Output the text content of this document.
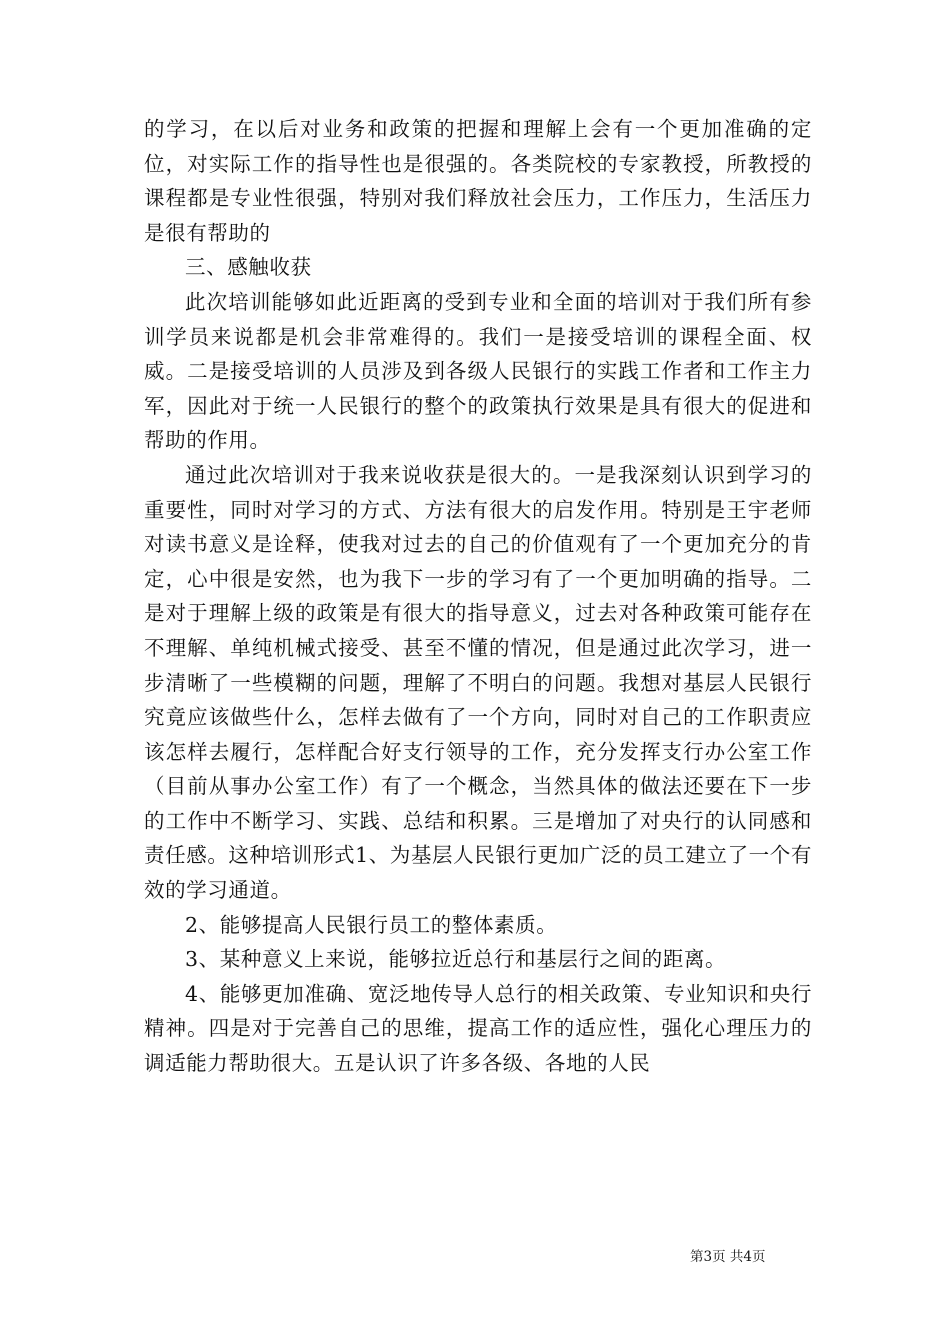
的学习，在以后对业务和政策的把握和理解上会有一个更加准确的定位，对实际工作的指导性也是很强的。各类院校的专家教授，所教授的课程都是专业性很强，特别对我们释放社会压力，工作压力，生活压力是很有帮助的

三、感触收获

此次培训能够如此近距离的受到专业和全面的培训对于我们所有参训学员来说都是机会非常难得的。我们一是接受培训的课程全面、权威。二是接受培训的人员涉及到各级人民银行的实践工作者和工作主力军，因此对于统一人民银行的整个的政策执行效果是具有很大的促进和帮助的作用。

通过此次培训对于我来说收获是很大的。一是我深刻认识到学习的重要性，同时对学习的方式、方法有很大的启发作用。特别是王宇老师对读书意义是诠释，使我对过去的自己的价值观有了一个更加充分的肯定，心中很是安然，也为我下一步的学习有了一个更加明确的指导。二是对于理解上级的政策是有很大的指导意义，过去对各种政策可能存在不理解、单纯机械式接受、甚至不懂的情况，但是通过此次学习，进一步清晰了一些模糊的问题，理解了不明白的问题。我想对基层人民银行究竟应该做些什么，怎样去做有了一个方向，同时对自己的工作职责应该怎样去履行，怎样配合好支行领导的工作，充分发挥支行办公室工作（目前从事办公室工作）有了一个概念，当然具体的做法还要在下一步的工作中不断学习、实践、总结和积累。三是增加了对央行的认同感和责任感。这种培训形式1、为基层人民银行更加广泛的员工建立了一个有效的学习通道。

2、能够提高人民银行员工的整体素质。

3、某种意义上来说，能够拉近总行和基层行之间的距离。

4、能够更加准确、宽泛地传导人总行的相关政策、专业知识和央行精神。四是对于完善自己的思维，提高工作的适应性，强化心理压力的调适能力帮助很大。五是认识了许多各级、各地的人民

第3页 共4页
